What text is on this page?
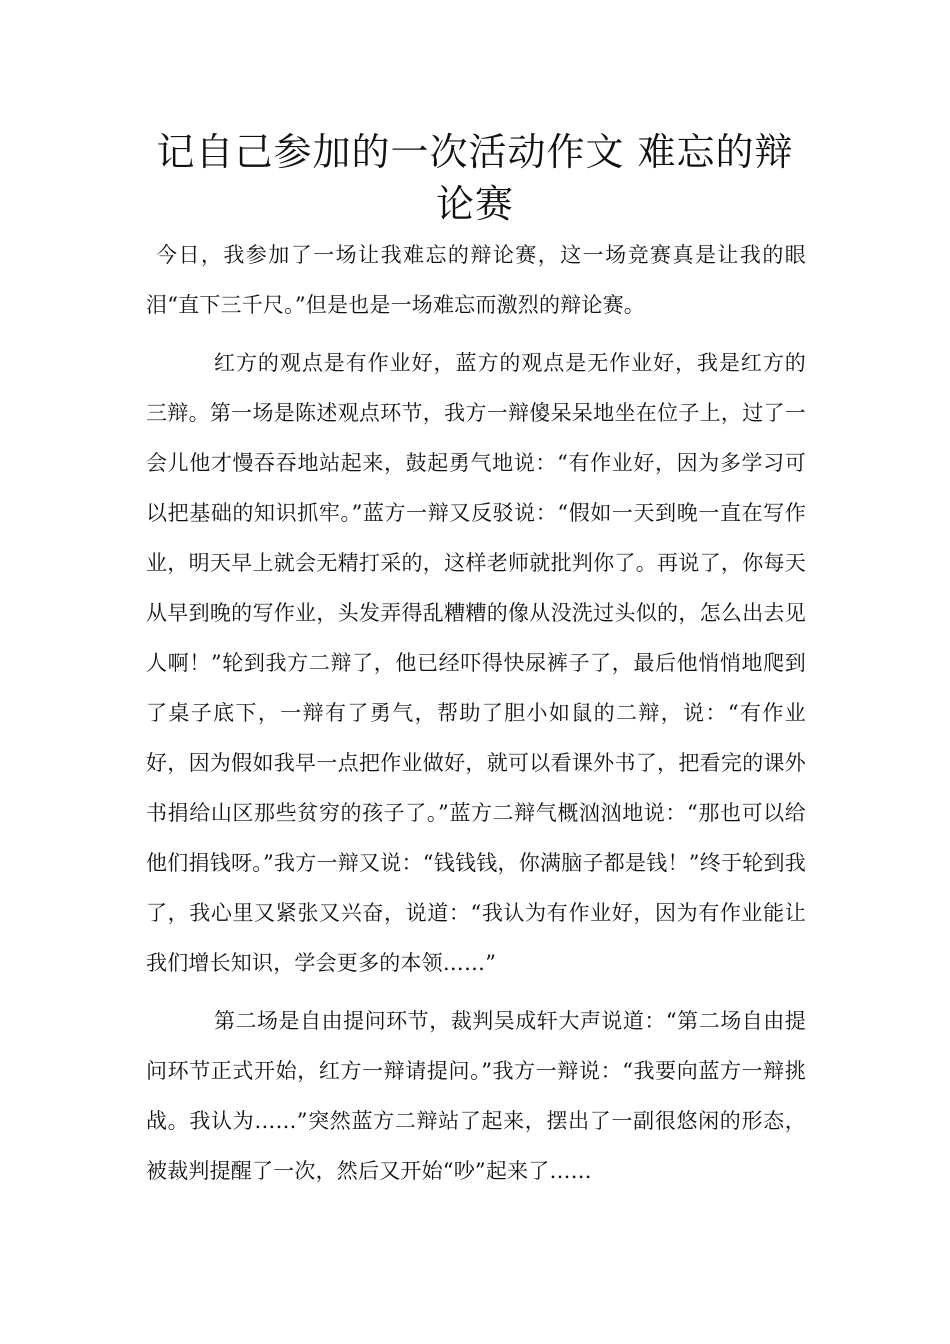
记自己参加的一次活动作文 难忘的辩论赛

今日，我参加了一场让我难忘的辩论赛，这一场竞赛真是让我的眼泪“直下三千尺。”但是也是一场难忘而激烈的辩论赛。

红方的观点是有作业好，蓝方的观点是无作业好，我是红方的三辩。第一场是陈述观点环节，我方一辩傻呆呆地坐在位子上，过了一会儿他才慢吞吞地站起来，鼓起勇气地说：“有作业好，因为多学习可以把基础的知识抓牢。”蓝方一辩又反驳说：“假如一天到晚一直在写作业，明天早上就会无精打采的，这样老师就批判你了。再说了，你每天从早到晚的写作业，头发弄得乱糟糟的像从没洗过头似的，怎么出去见人啊！”轮到我方二辩了，他已经吓得快尿裤子了，最后他悄悄地爬到了桌子底下，一辩有了勇气，帮助了胆小如鼠的二辩，说：“有作业好，因为假如我早一点把作业做好，就可以看课外书了，把看完的课外书捐给山区那些贫穷的孩子了。”蓝方二辩气概汹汹地说：“那也可以给他们捐钱呀。”我方一辩又说：“钱钱钱，你满脑子都是钱！”终于轮到我了，我心里又紧张又兴奋，说道：“我认为有作业好，因为有作业能让我们增长知识，学会更多的本领……”

第二场是自由提问环节，裁判吴成轩大声说道：“第二场自由提问环节正式开始，红方一辩请提问。”我方一辩说：“我要向蓝方一辩挑战。我认为……”突然蓝方二辩站了起来，摆出了一副很悠闲的形态，被裁判提醒了一次，然后又开始“吵”起来了……
